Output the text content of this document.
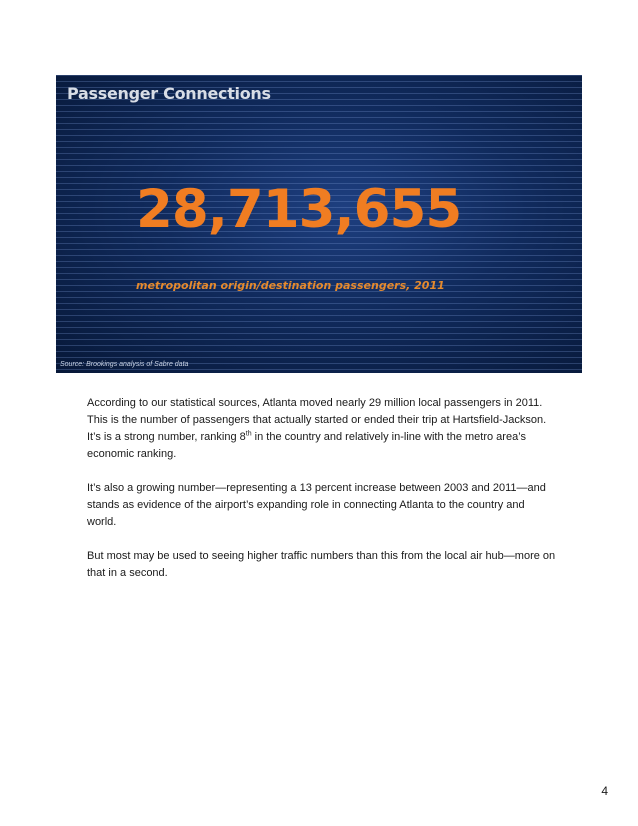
Passenger Connections
28,713,655
metropolitan origin/destination passengers, 2011
Source: Brookings analysis of Sabre data

According to our statistical sources, Atlanta moved nearly 29 million local passengers in 2011. This is the number of passengers that actually started or ended their trip at Hartsfield-Jackson. It’s is a strong number, ranking 8th in the country and relatively in-line with the metro area’s economic ranking.

It’s also a growing number—representing a 13 percent increase between 2003 and 2011—and stands as evidence of the airport’s expanding role in connecting Atlanta to the country and world.

But most may be used to seeing higher traffic numbers than this from the local air hub—more on that in a second.

4
